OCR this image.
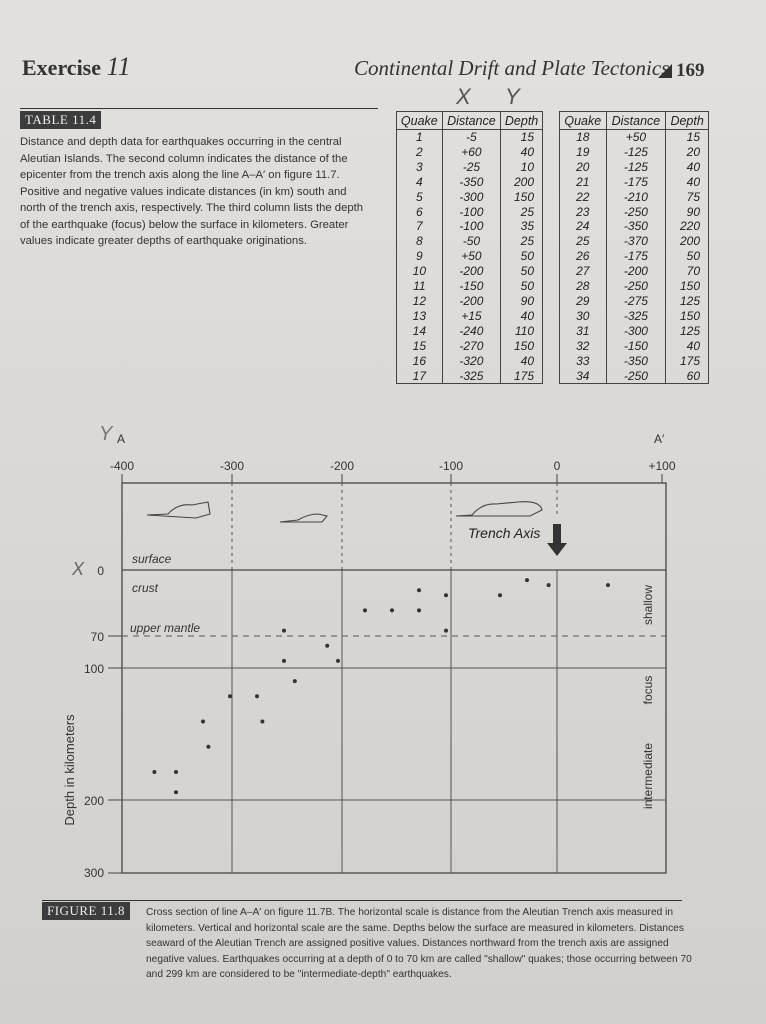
Exercise 11	Continental Drift and Plate Tectonics 169
TABLE 11.4
Distance and depth data for earthquakes occurring in the central Aleutian Islands. The second column indicates the distance of the epicenter from the trench axis along the line A–A′ on figure 11.7. Positive and negative values indicate distances (in km) south and north of the trench axis, respectively. The third column lists the depth of the earthquake (focus) below the surface in kilometers. Greater values indicate greater depths of earthquake originations.
X Y
Quake	Distance	Depth
1	-5	15
2	+60	40
3	-25	10
4	-350	200
5	-300	150
6	-100	25
7	-100	35
8	-50	25
9	+50	50
10	-200	50
11	-150	50
12	-200	90
13	+15	40
14	-240	110
15	-270	150
16	-320	40
17	-325	175
Quake	Distance	Depth
18	+50	15
19	-125	20
20	-125	40
21	-175	40
22	-210	75
23	-250	90
24	-350	220
25	-370	200
26	-175	50
27	-200	70
28	-250	150
29	-275	125
30	-325	150
31	-300	125
32	-150	40
33	-350	175
34	-250	60
-400	-300	-200	-100	0	+100
0
70
100
200
300
A	A′
Y
X
Depth in kilometers
surface
crust
upper mantle
Trench Axis
shallow
intermediate
focus
FIGURE 11.8	Cross section of line A–A′ on figure 11.7B. The horizontal scale is distance from the Aleutian Trench axis measured in kilometers. Vertical and horizontal scale are the same. Depths below the surface are measured in kilometers. Distances seaward of the Aleutian Trench are assigned positive values. Distances northward from the trench axis are assigned negative values. Earthquakes occurring at a depth of 0 to 70 km are called "shallow" quakes; those occurring between 70 and 299 km are considered to be "intermediate-depth" earthquakes.
